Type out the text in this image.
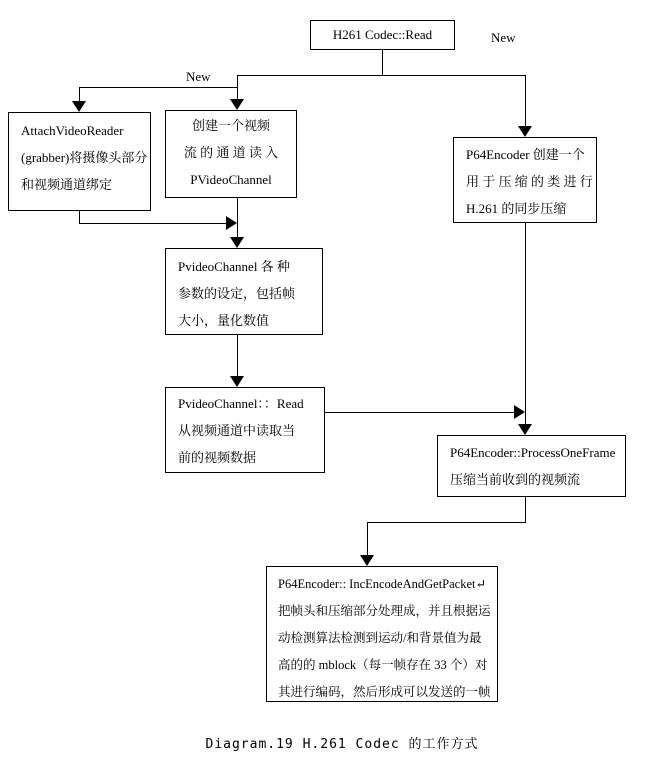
New
New
H261 Codec::Read
AttachVideoReader
(grabber)将摄像头部分
和视频通道绑定
创建一个视频
流 的 通 道 读 入
PVideoChannel
P64Encoder 创建一个
用 于 压 缩 的 类 进 行
H.261 的同步压缩
PvideoChannel 各 种
参数的设定，包括帧
大小，量化数值
PvideoChannel：：Read
从视频通道中读取当
前的视频数据	P64Encoder::ProcessOneFrame
压缩当前收到的视频流
P64Encoder:: IncEncodeAndGetPacket↵
把帧头和压缩部分处理成，并且根据运
动检测算法检测到运动/和背景值为最
高的的 mblock（每一帧存在 33 个）对
其进行编码，然后形成可以发送的一帧
Diagram.19 H.261 Codec 的工作方式
